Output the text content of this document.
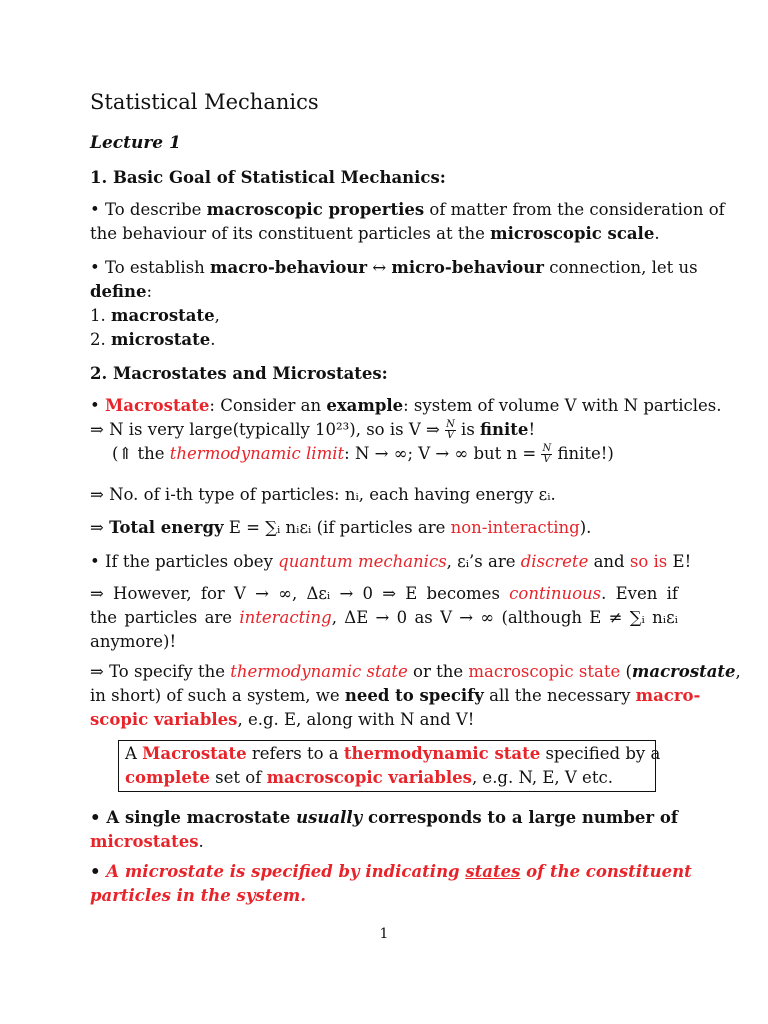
Statistical Mechanics
Lecture 1
1. Basic Goal of Statistical Mechanics:
• To describe macroscopic properties of matter from the consideration of
the behaviour of its constituent particles at the microscopic scale.
• To establish macro-behaviour ↔ micro-behaviour connection, let us
define:
1. macrostate,
2. microstate.
2. Macrostates and Microstates:
• Macrostate: Consider an example: system of volume V with N particles.
⇒ N is very large(typically 10²³), so is V ⇒ $\frac{N}{V}$ is finite!
(⇑ the thermodynamic limit: N → ∞; V → ∞ but $n = \frac{N}{V}$ finite!)
⇒ No. of i-th type of particles: nᵢ, each having energy εᵢ.
⇒ Total energy E = ∑ᵢ nᵢεᵢ (if particles are non-interacting).
• If the particles obey quantum mechanics, εᵢ’s are discrete and so is E!
⇒ However, for V → ∞, Δεᵢ → 0 ⇒ E becomes continuous. Even if
the particles are interacting, ΔE → 0 as V → ∞ (although E ≠ ∑ᵢ nᵢεᵢ
anymore)!
⇒ To specify the thermodynamic state or the macroscopic state (macrostate,
in short) of such a system, we need to specify all the necessary macro-
scopic variables, e.g. E, along with N and V!
A Macrostate refers to a thermodynamic state specified by a
complete set of macroscopic variables, e.g. N, E, V etc.
• A single macrostate usually corresponds to a large number of
microstates.
• A microstate is specified by indicating states of the constituent
particles in the system.
1
